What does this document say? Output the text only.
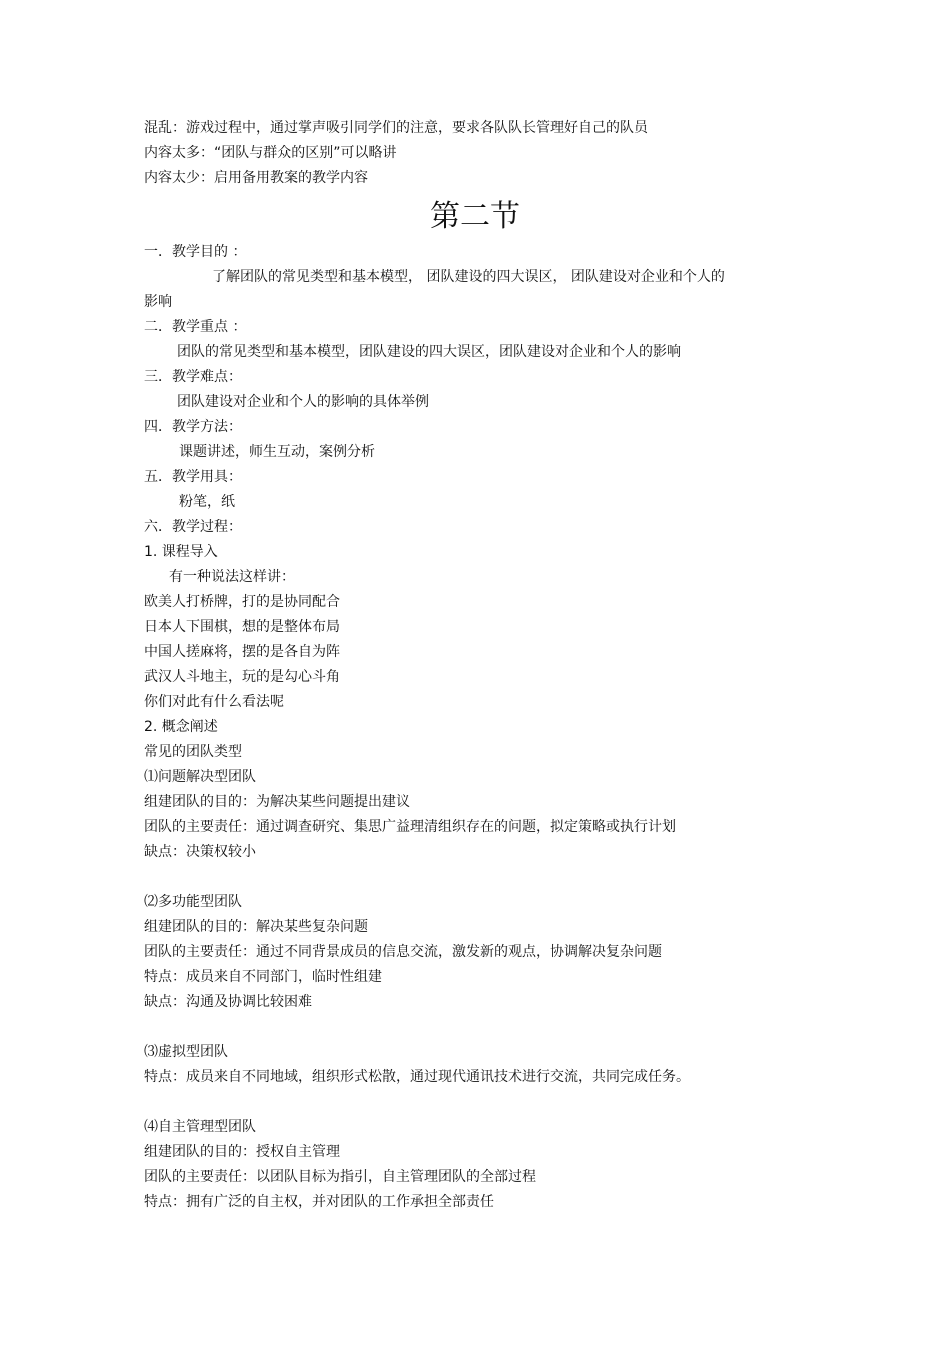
混乱：游戏过程中，通过掌声吸引同学们的注意，要求各队队长管理好自己的队员
内容太多：“团队与群众的区别”可以略讲
内容太少：启用备用教案的教学内容
第二节
一．教学目的 ：
了解团队的常见类型和基本模型， 团队建设的四大误区， 团队建设对企业和个人的
影响
二．教学重点 ：
团队的常见类型和基本模型，团队建设的四大误区，团队建设对企业和个人的影响
三．教学难点：
团队建设对企业和个人的影响的具体举例
四．教学方法：
课题讲述，师生互动，案例分析
五．教学用具：
粉笔，纸
六．教学过程：
1. 课程导入
有一种说法这样讲：
欧美人打桥牌，打的是协同配合
日本人下围棋，想的是整体布局
中国人搓麻将，摆的是各自为阵
武汉人斗地主，玩的是勾心斗角
你们对此有什么看法呢
2. 概念阐述
常见的团队类型
⑴问题解决型团队
组建团队的目的：为解决某些问题提出建议
团队的主要责任：通过调查研究、集思广益理清组织存在的问题，拟定策略或执行计划
缺点：决策权较小
⑵多功能型团队
组建团队的目的：解决某些复杂问题
团队的主要责任：通过不同背景成员的信息交流，激发新的观点，协调解决复杂问题
特点：成员来自不同部门，临时性组建
缺点：沟通及协调比较困难
⑶虚拟型团队
特点：成员来自不同地域，组织形式松散，通过现代通讯技术进行交流，共同完成任务。
⑷自主管理型团队
组建团队的目的：授权自主管理
团队的主要责任：以团队目标为指引，自主管理团队的全部过程
特点：拥有广泛的自主权，并对团队的工作承担全部责任
